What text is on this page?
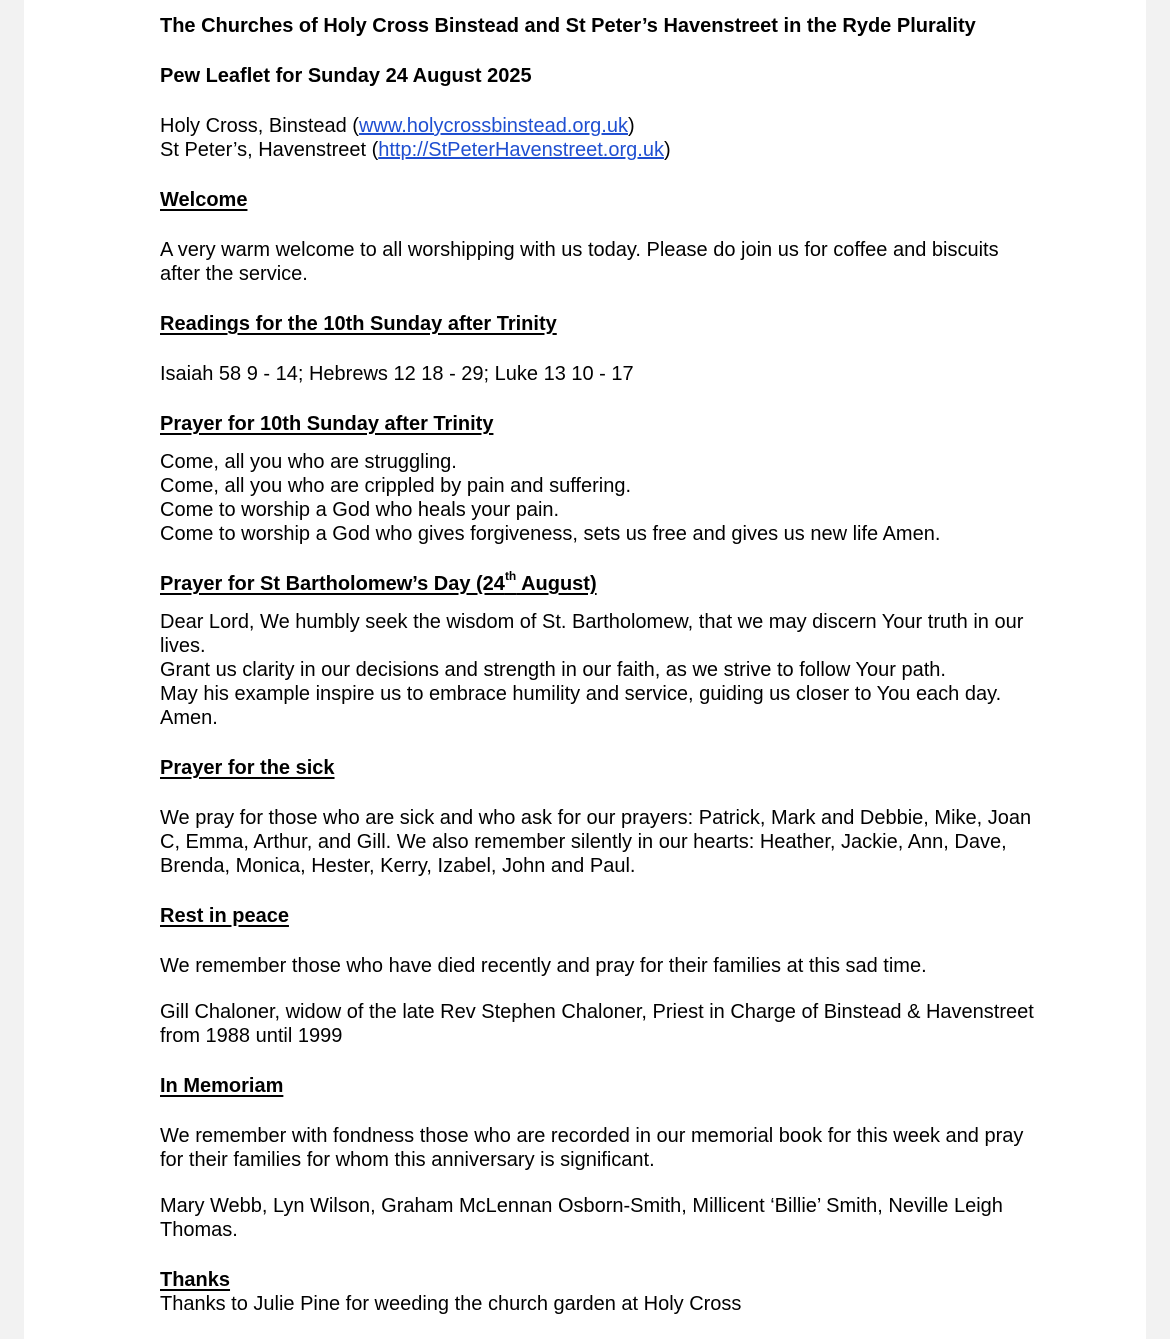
The Churches of Holy Cross Binstead and St Peter’s Havenstreet in the Ryde Plurality

Pew Leaflet for Sunday 24 August 2025

Holy Cross, Binstead (www.holycrossbinstead.org.uk)

St Peter’s, Havenstreet (http://StPeterHavenstreet.org.uk)

Welcome

A very warm welcome to all worshipping with us today. Please do join us for coffee and biscuits after the service.

Readings for the 10th Sunday after Trinity

Isaiah 58 9 - 14; Hebrews 12 18 - 29; Luke 13 10 - 17

Prayer for 10th Sunday after Trinity

Come, all you who are struggling.

Come, all you who are crippled by pain and suffering.

Come to worship a God who heals your pain.

Come to worship a God who gives forgiveness, sets us free and gives us new life Amen.

Prayer for St Bartholomew’s Day (24th August)

Dear Lord, We humbly seek the wisdom of St. Bartholomew, that we may discern Your truth in our lives.

Grant us clarity in our decisions and strength in our faith, as we strive to follow Your path.

May his example inspire us to embrace humility and service, guiding us closer to You each day. Amen.

Prayer for the sick

We pray for those who are sick and who ask for our prayers: Patrick, Mark and Debbie, Mike, Joan C, Emma, Arthur, and Gill. We also remember silently in our hearts: Heather, Jackie, Ann, Dave, Brenda, Monica, Hester, Kerry, Izabel, John and Paul.

Rest in peace

We remember those who have died recently and pray for their families at this sad time.

Gill Chaloner, widow of the late Rev Stephen Chaloner, Priest in Charge of Binstead & Havenstreet from 1988 until 1999

In Memoriam

We remember with fondness those who are recorded in our memorial book for this week and pray for their families for whom this anniversary is significant.

Mary Webb, Lyn Wilson, Graham McLennan Osborn-Smith, Millicent ‘Billie’ Smith, Neville Leigh Thomas.

Thanks

Thanks to Julie Pine for weeding the church garden at Holy Cross
